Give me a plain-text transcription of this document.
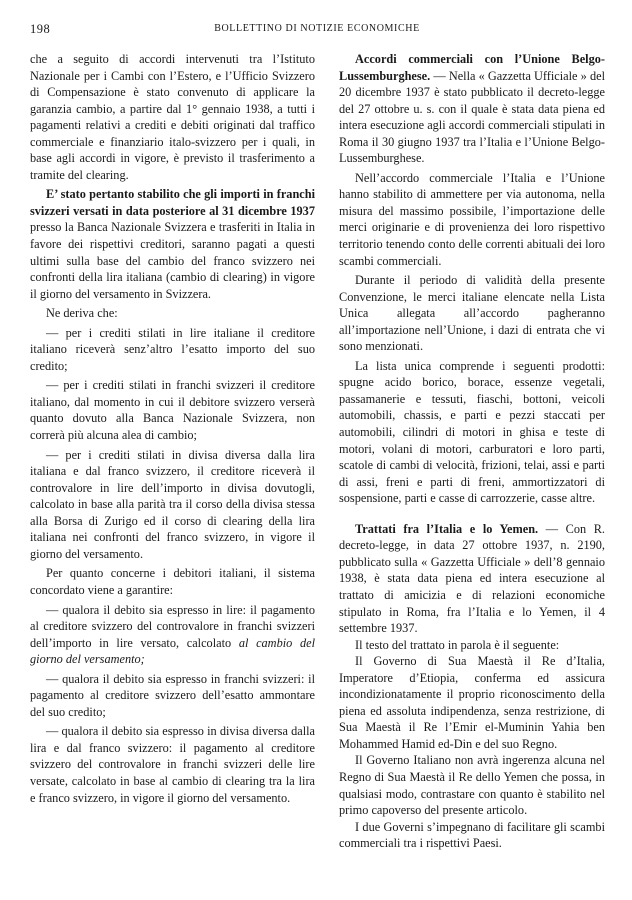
198	BOLLETTINO DI NOTIZIE ECONOMICHE

che a seguito di accordi intervenuti tra l’Istituto Nazionale per i Cambi con l’Estero, e l’Ufficio Svizzero di Compensazione è stato convenuto di applicare la garanzia cambio, a partire dal 1° gennaio 1938, a tutti i pagamenti relativi a crediti e debiti originati dal traffico commerciale e finanziario italo-svizzero per i quali, in base agli accordi in vigore, è previsto il trasferimento a tramite del clearing.

E’ stato pertanto stabilito che gli importi in franchi svizzeri versati in data posteriore al 31 dicembre 1937 presso la Banca Nazionale Svizzera e trasferiti in Italia in favore dei rispettivi creditori, saranno pagati a questi ultimi sulla base del cambio del franco svizzero nei confronti della lira italiana (cambio di clearing) in vigore il giorno del versamento in Svizzera.

Ne deriva che:

— per i crediti stilati in lire italiane il creditore italiano riceverà senz’altro l’esatto importo del suo credito;

— per i crediti stilati in franchi svizzeri il creditore italiano, dal momento in cui il debitore svizzero verserà quanto dovuto alla Banca Nazionale Svizzera, non correrà più alcuna alea di cambio;

— per i crediti stilati in divisa diversa dalla lira italiana e dal franco svizzero, il creditore riceverà il controvalore in lire dell’importo in divisa dovutogli, calcolato in base alla parità tra il corso della divisa stessa alla Borsa di Zurigo ed il corso di clearing della lira italiana nei confronti del franco svizzero, in vigore il giorno del versamento.

Per quanto concerne i debitori italiani, il sistema concordato viene a garantire:

— qualora il debito sia espresso in lire: il pagamento al creditore svizzero del controvalore in franchi svizzeri dell’importo in lire versato, calcolato al cambio del giorno del versamento;

— qualora il debito sia espresso in franchi svizzeri: il pagamento al creditore svizzero dell’esatto ammontare del suo credito;

— qualora il debito sia espresso in divisa diversa dalla lira e dal franco svizzero: il pagamento al creditore svizzero del controvalore in franchi svizzeri delle lire versate, calcolato in base al cambio di clearing tra la lira e franco svizzero, in vigore il giorno del versamento.

Accordi commerciali con l’Unione Belgo-Lussemburghese. — Nella « Gazzetta Ufficiale » del 20 dicembre 1937 è stato pubblicato il decreto-legge del 27 ottobre u. s. con il quale è stata data piena ed intera esecuzione agli accordi commerciali stipulati in Roma il 30 giugno 1937 tra l’Italia e l’Unione Belgo-Lussemburghese.

Nell’accordo commerciale l’Italia e l’Unione hanno stabilito di ammettere per via autonoma, nella misura del massimo possibile, l’importazione delle merci originarie e di provenienza dei loro rispettivo territorio tenendo conto delle correnti abituali dei loro scambi commerciali.

Durante il periodo di validità della presente Convenzione, le merci italiane elencate nella Lista Unica allegata all’accordo pagheranno all’importazione nell’Unione, i dazi di entrata che vi sono menzionati.

La lista unica comprende i seguenti prodotti: spugne acido borico, borace, essenze vegetali, passamanerie e tessuti, fiaschi, bottoni, veicoli automobili, chassis, e parti e pezzi staccati per automobili, cilindri di motori in ghisa e teste di motori, volani di motori, carburatori e loro parti, scatole di cambi di velocità, frizioni, telai, assi e parti di assi, freni e parti di freni, ammortizzatori di sospensione, parti e casse di carrozzerie, casse altre.

Trattati fra l’Italia e lo Yemen. — Con R. decreto-legge, in data 27 ottobre 1937, n. 2190, pubblicato sulla « Gazzetta Ufficiale » dell’8 gennaio 1938, è stata data piena ed intera esecuzione al trattato di amicizia e di relazioni economiche stipulato in Roma, fra l’Italia e lo Yemen, il 4 settembre 1937.

Il testo del trattato in parola è il seguente:

Il Governo di Sua Maestà il Re d’Italia, Imperatore d’Etiopia, conferma ed assicura incondizionatamente il proprio riconoscimento della piena ed assoluta indipendenza, senza restrizione, di Sua Maestà il Re l’Emir el-Muminin Yahia ben Mohammed Hamid ed-Din e del suo Regno.

Il Governo Italiano non avrà ingerenza alcuna nel Regno di Sua Maestà il Re dello Yemen che possa, in qualsiasi modo, contrastare con quanto è stabilito nel primo capoverso del presente articolo.

I due Governi s’impegnano di facilitare gli scambi commerciali tra i rispettivi Paesi.
